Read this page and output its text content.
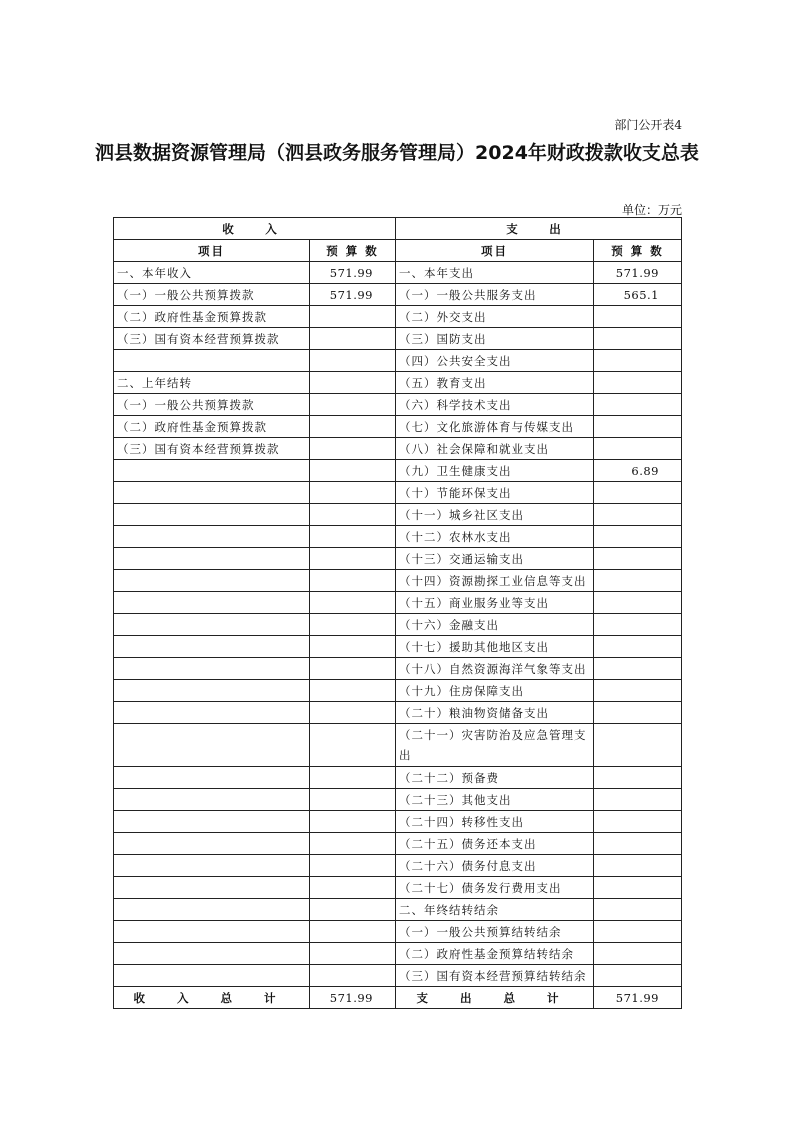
部门公开表4
泗县数据资源管理局（泗县政务服务管理局）2024年财政拨款收支总表
单位：万元
收　入		支　出	
项目	预 算 数	项目	预 算 数
一、本年收入	571.99	一、本年支出	571.99
（一）一般公共预算拨款	571.99	（一）一般公共服务支出	565.1
（二）政府性基金预算拨款		（二）外交支出	
（三）国有资本经营预算拨款		（三）国防支出	
		（四）公共安全支出	
二、上年结转		（五）教育支出	
（一）一般公共预算拨款		（六）科学技术支出	
（二）政府性基金预算拨款		（七）文化旅游体育与传媒支出	
（三）国有资本经营预算拨款		（八）社会保障和就业支出	
		（九）卫生健康支出	6.89
		（十）节能环保支出	
		（十一）城乡社区支出	
		（十二）农林水支出	
		（十三）交通运输支出	
		（十四）资源勘探工业信息等支出	
		（十五）商业服务业等支出	
		（十六）金融支出	
		（十七）援助其他地区支出	
		（十八）自然资源海洋气象等支出	
		（十九）住房保障支出	
		（二十）粮油物资储备支出	
		（二十一）灾害防治及应急管理支出	
		（二十二）预备费	
		（二十三）其他支出	
		（二十四）转移性支出	
		（二十五）债务还本支出	
		（二十六）债务付息支出	
		（二十七）债务发行费用支出	
		二、年终结转结余	
		（一）一般公共预算结转结余	
		（二）政府性基金预算结转结余	
		（三）国有资本经营预算结转结余	
收 入 总 计	571.99	支 出 总 计	571.99
